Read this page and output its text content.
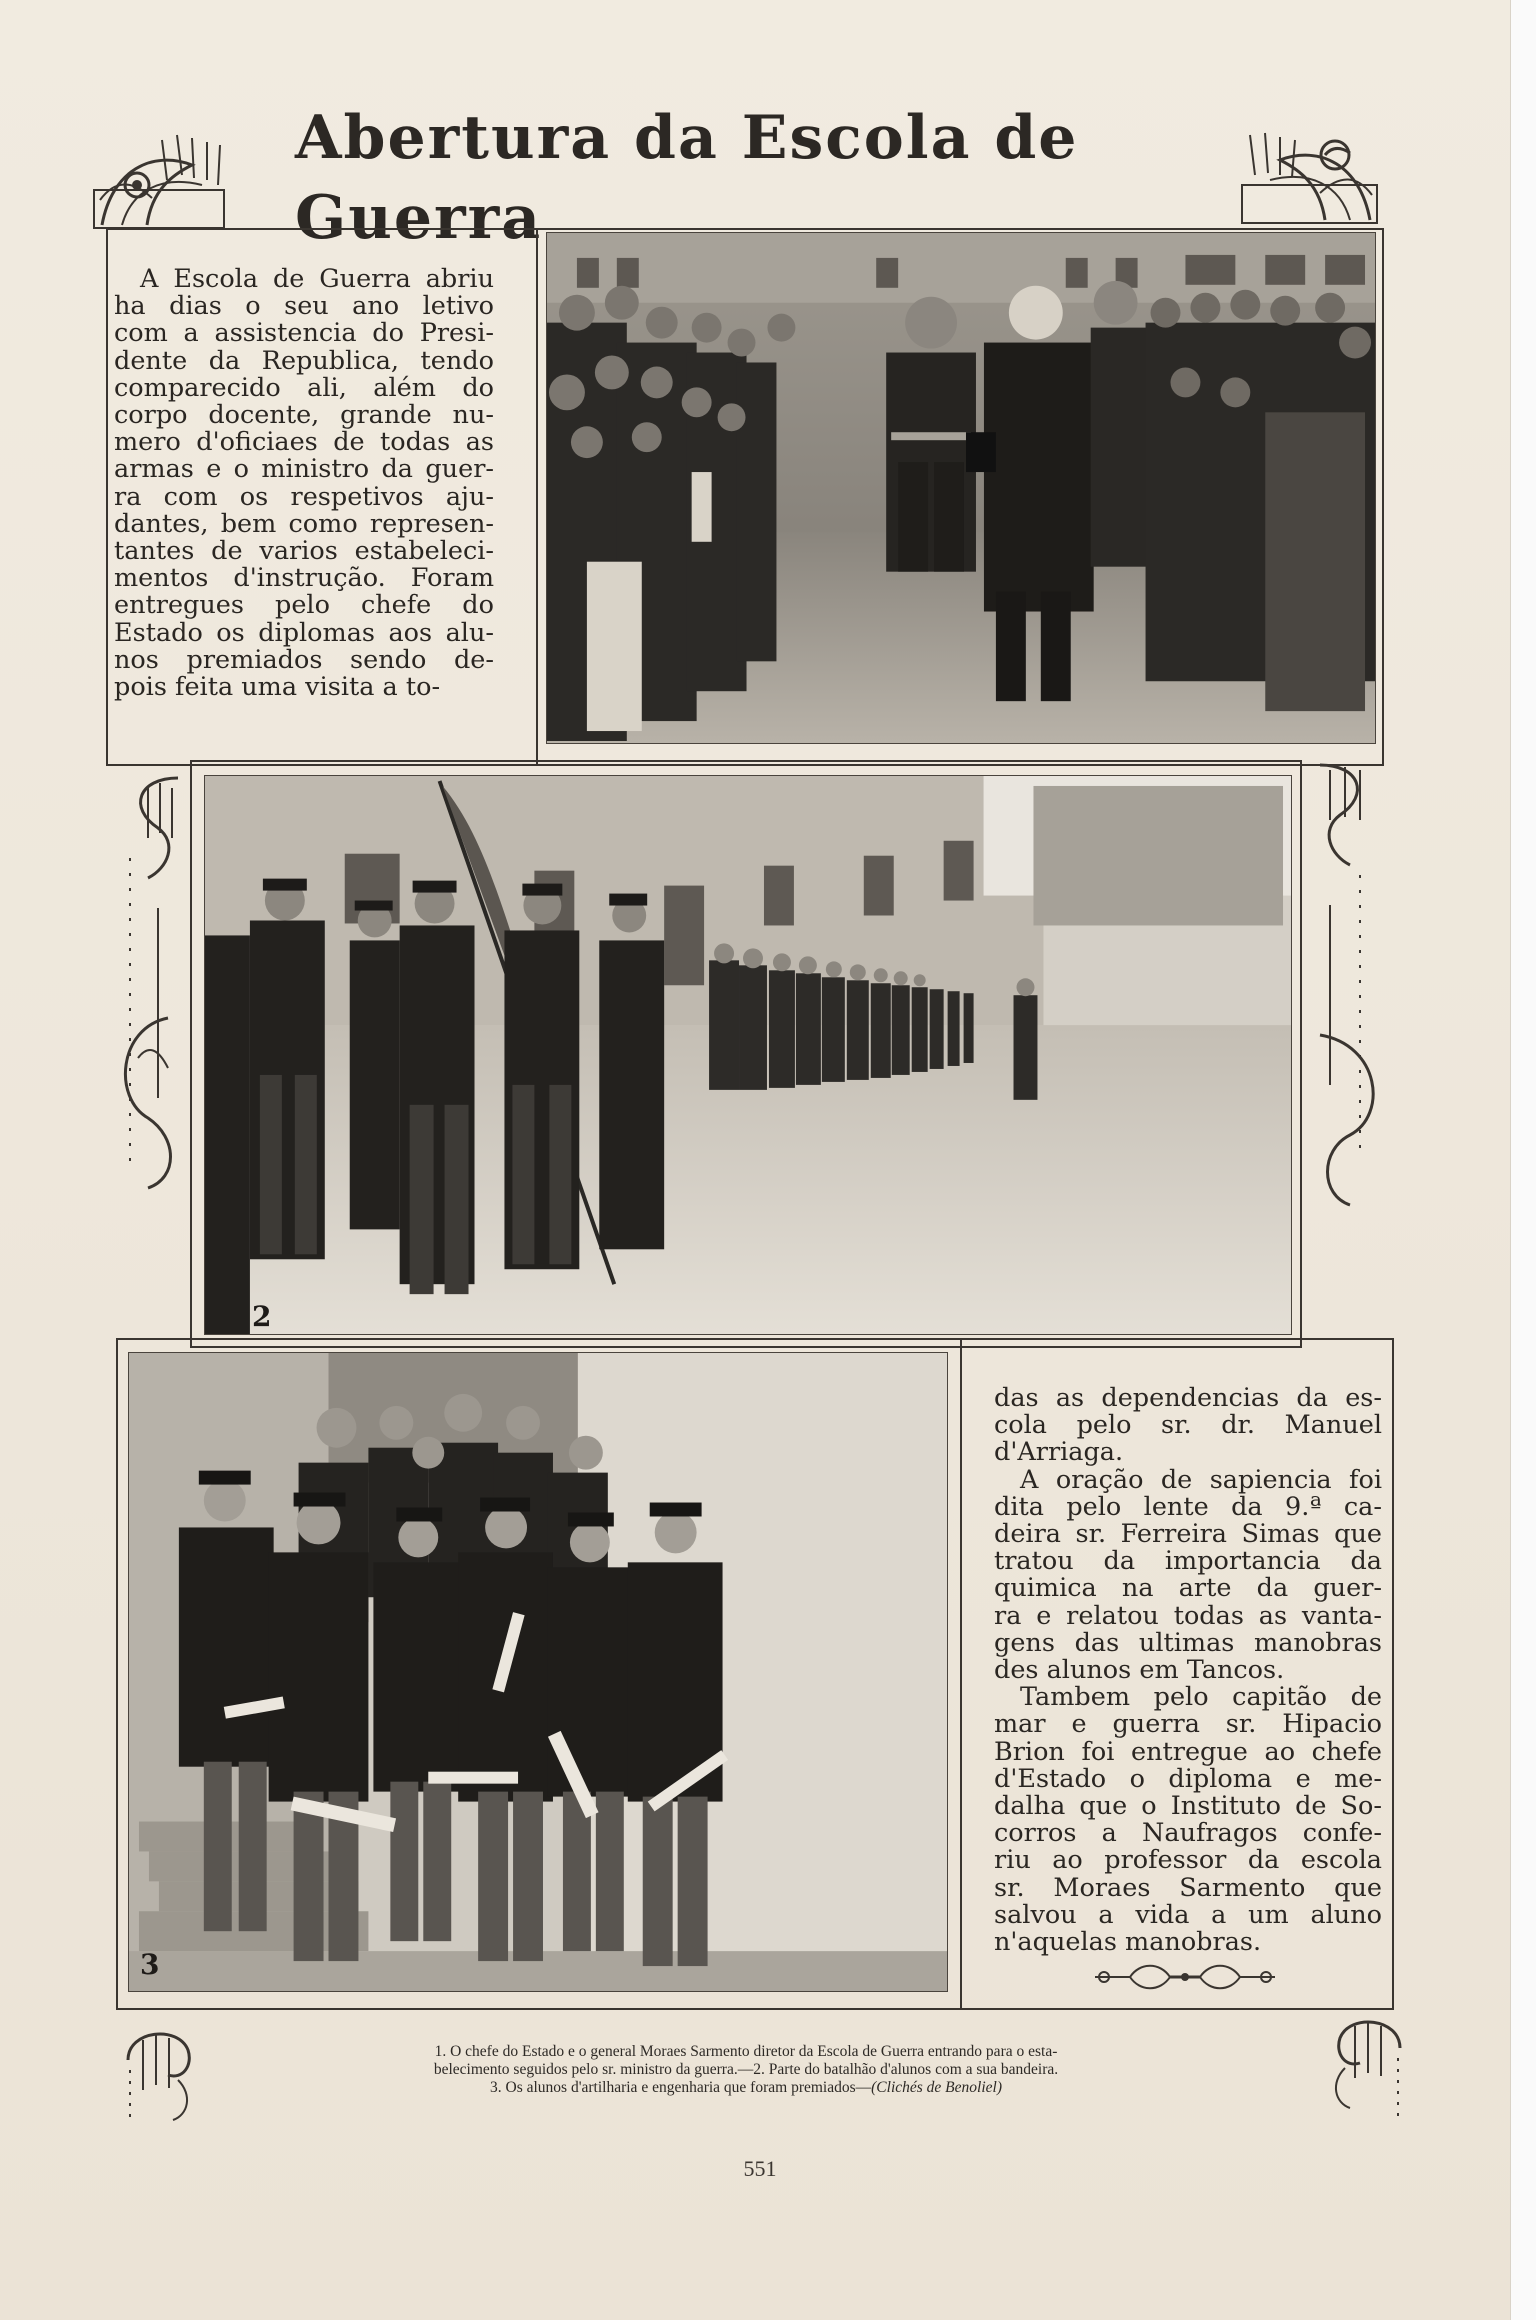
Abertura da Escola de Guerra
A Escola de Guerra abriu
ha dias o seu ano letivo
com a assistencia do Presi-
dente da Republica, tendo
comparecido ali, além do
corpo docente, grande nu-
mero d'oficiaes de todas as
armas e o ministro da guer-
ra com os respetivos aju-
dantes, bem como represen-
tantes de varios estabeleci-
mentos d'instrução. Foram
entregues pelo chefe do
Estado os diplomas aos alu-
nos premiados sendo de-
pois feita uma visita a to-
2
3
das as dependencias da es-
cola pelo sr. dr. Manuel
d'Arriaga.
A oração de sapiencia foi
dita pelo lente da 9.ª ca-
deira sr. Ferreira Simas que
tratou da importancia da
quimica na arte da guer-
ra e relatou todas as vanta-
gens das ultimas manobras
des alunos em Tancos.
Tambem pelo capitão de
mar e guerra sr. Hipacio
Brion foi entregue ao chefe
d'Estado o diploma e me-
dalha que o Instituto de So-
corros a Naufragos confe-
riu ao professor da escola
sr. Moraes Sarmento que
salvou a vida a um aluno
n'aquelas manobras.
1. O chefe do Estado e o general Moraes Sarmento diretor da Escola de Guerra entrando para o esta-
belecimento seguidos pelo sr. ministro da guerra.—2. Parte do batalhão d'alunos com a sua bandeira.
3. Os alunos d'artilharia e engenharia que foram premiados—(Clichés de Benoliel)
551
